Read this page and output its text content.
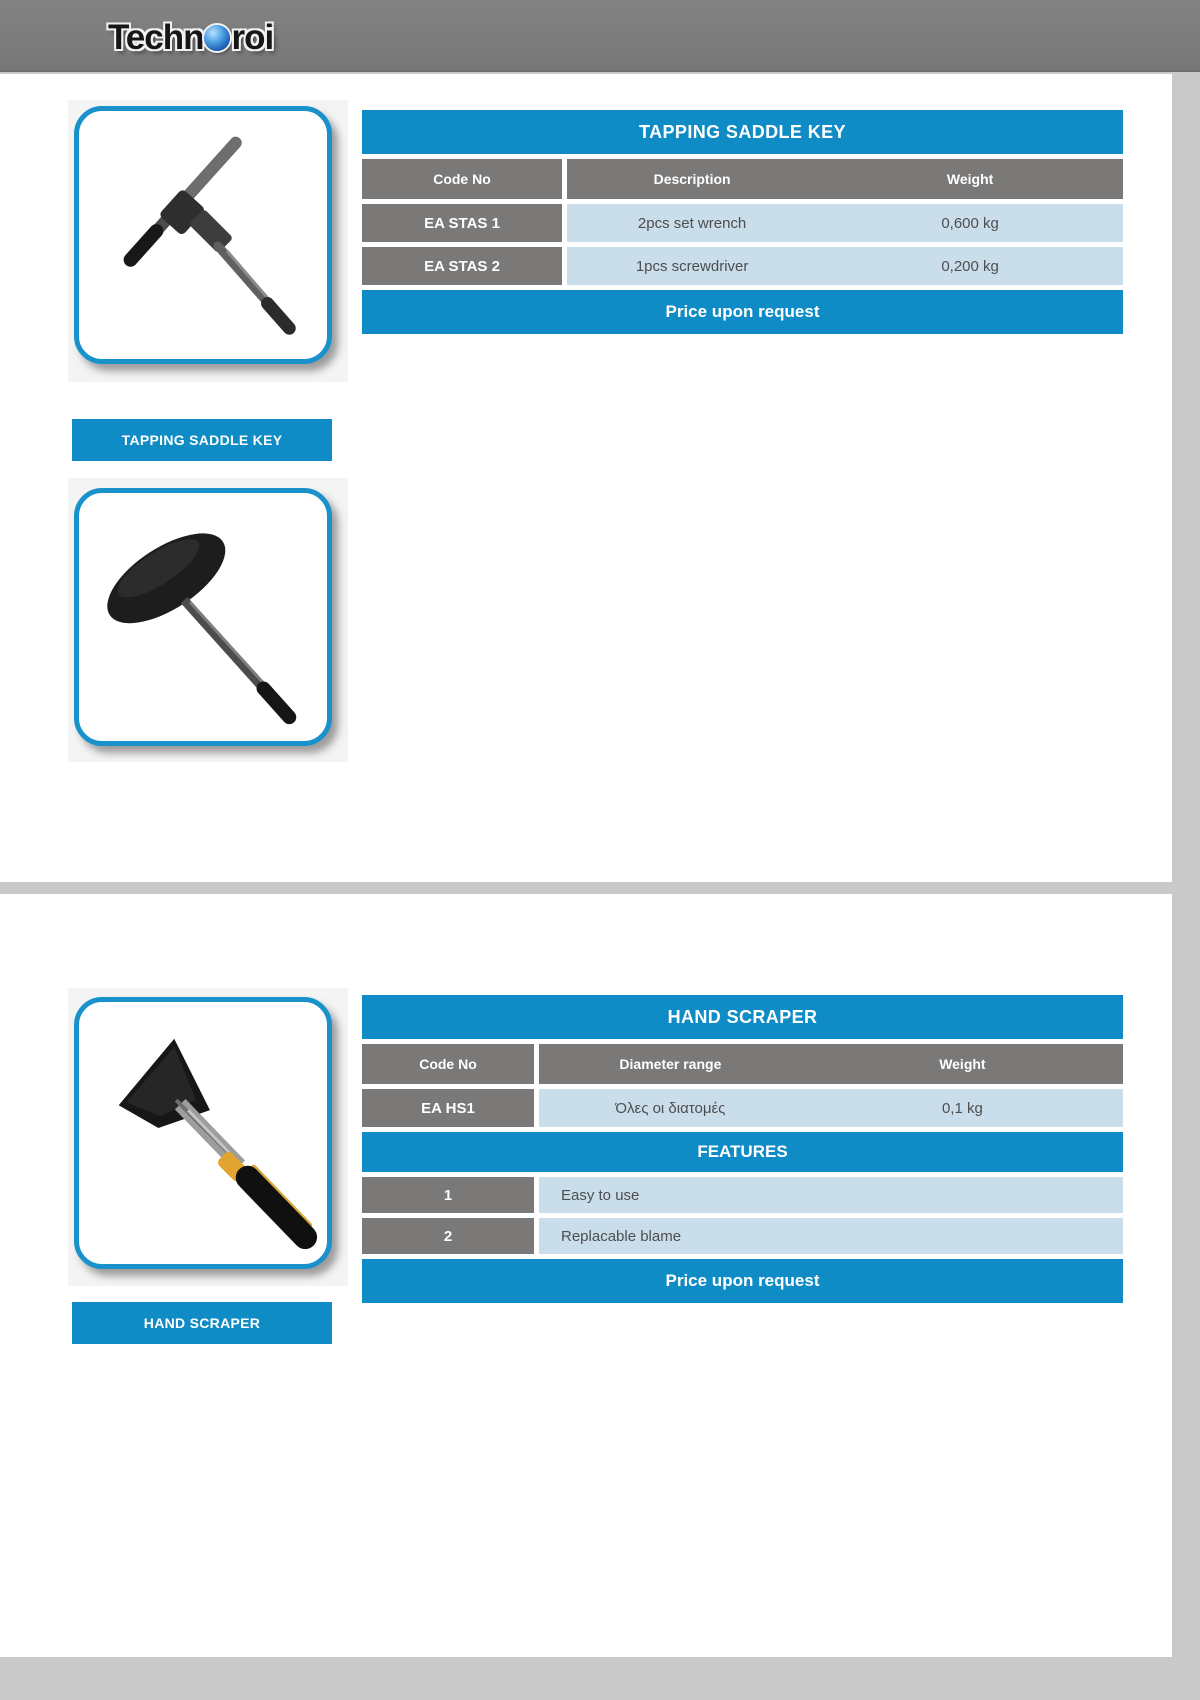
Techn roi
TAPPING SADDLE KEY
TAPPING SADDLE KEY
Code No	Description	Weight
EA STAS 1	2pcs set wrench	0,600 kg
EA STAS 2	1pcs screwdriver	0,200 kg
Price upon request
HAND SCRAPER
HAND SCRAPER
Code No	Diameter range	Weight
EA HS1	Όλες οι διατομές	0,1 kg
FEATURES
1	Easy to use
2	Replacable blame
Price upon request
